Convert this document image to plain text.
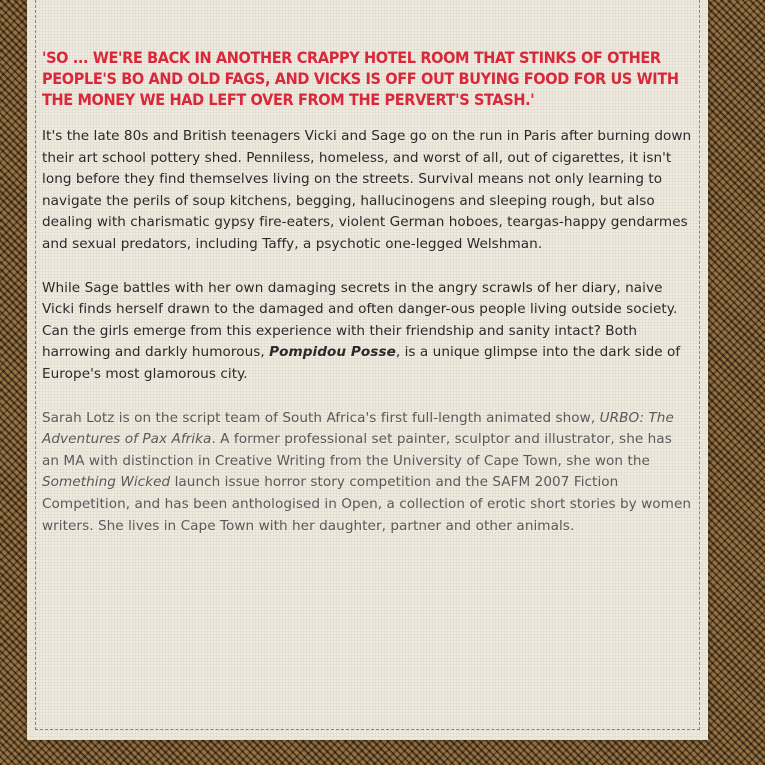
'SO ... WE'RE BACK IN ANOTHER CRAPPY HOTEL ROOM THAT STINKS OF OTHER PEOPLE'S BO AND OLD FAGS, AND VICKS IS OFF OUT BUYING FOOD FOR US WITH THE MONEY WE HAD LEFT OVER FROM THE PERVERT'S STASH.'

It's the late 80s and British teenagers Vicki and Sage go on the run in Paris after burning down their art school pottery shed. Penniless, homeless, and worst of all, out of cigarettes, it isn't long before they find themselves living on the streets. Survival means not only learning to navigate the perils of soup kitchens, begging, hallucinogens and sleeping rough, but also dealing with charismatic gypsy fire-eaters, violent German hoboes, teargas-happy gendarmes and sexual predators, including Taffy, a psychotic one-legged Welshman.

While Sage battles with her own damaging secrets in the angry scrawls of her diary, naive Vicki finds herself drawn to the damaged and often danger-ous people living outside society. Can the girls emerge from this experience with their friendship and sanity intact? Both harrowing and darkly humorous, Pompidou Posse, is a unique glimpse into the dark side of Europe's most glamorous city.

Sarah Lotz is on the script team of South Africa's first full-length animated show, URBO: The Adventures of Pax Afrika. A former professional set painter, sculptor and illustrator, she has an MA with distinction in Creative Writing from the University of Cape Town, she won the Something Wicked launch issue horror story competition and the SAFM 2007 Fiction Competition, and has been anthologised in Open, a collection of erotic short stories by women writers. She lives in Cape Town with her daughter, partner and other animals.
